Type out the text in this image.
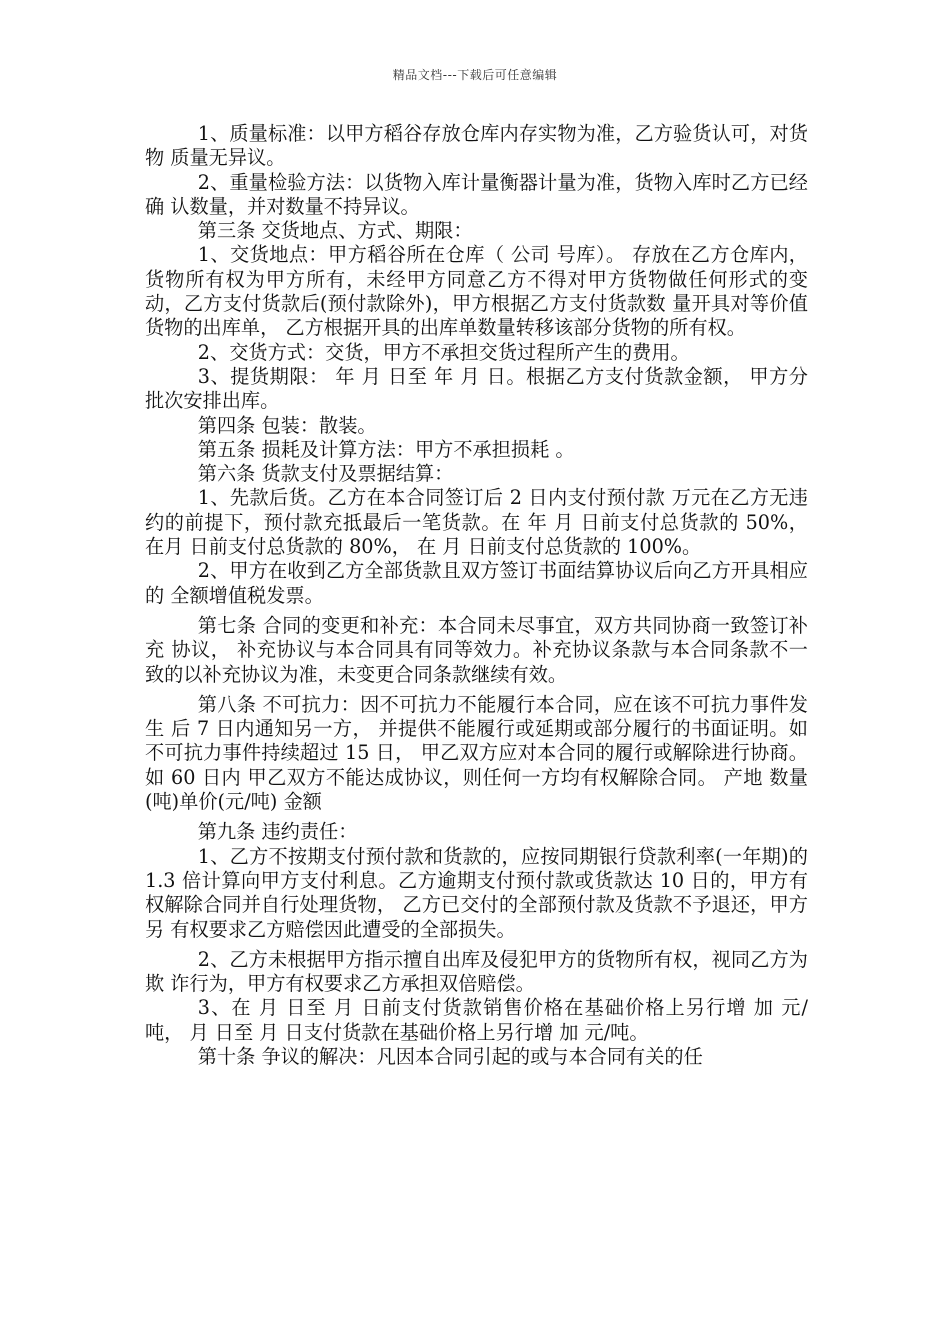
精品文档---下载后可任意编辑

1、质量标准：以甲方稻谷存放仓库内存实物为准，乙方验货认可，对货物 质量无异议。

2、重量检验方法：以货物入库计量衡器计量为准，货物入库时乙方已经确 认数量，并对数量不持异议。

第三条 交货地点、方式、期限：

1、交货地点：甲方稻谷所在仓库（ 公司 号库）。 存放在乙方仓库内， 货物所有权为甲方所有，未经甲方同意乙方不得对甲方货物做任何形式的变动，乙方支付货款后(预付款除外)，甲方根据乙方支付货款数 量开具对等价值货物的出库单， 乙方根据开具的出库单数量转移该部分货物的所有权。

2、交货方式：交货，甲方不承担交货过程所产生的费用。

3、提货期限： 年 月 日至 年 月 日。根据乙方支付货款金额， 甲方分批次安排出库。

第四条 包装：散装。

第五条 损耗及计算方法：甲方不承担损耗 。

第六条 货款支付及票据结算：

1、先款后货。乙方在本合同签订后 2 日内支付预付款 万元在乙方无违 约的前提下，预付款充抵最后一笔货款。在 年 月 日前支付总货款的 50%， 在月 日前支付总货款的 80%， 在 月 日前支付总货款的 100%。

2、甲方在收到乙方全部货款且双方签订书面结算协议后向乙方开具相应的 全额增值税发票。

第七条 合同的变更和补充：本合同未尽事宜，双方共同协商一致签订补充 协议， 补充协议与本合同具有同等效力。补充协议条款与本合同条款不一致的以补充协议为准，未变更合同条款继续有效。

第八条 不可抗力：因不可抗力不能履行本合同，应在该不可抗力事件发生 后 7 日内通知另一方， 并提供不能履行或延期或部分履行的书面证明。如不可抗力事件持续超过 15 日， 甲乙双方应对本合同的履行或解除进行协商。如 60 日内 甲乙双方不能达成协议，则任何一方均有权解除合同。 产地 数量 (吨)单价(元/吨) 金额

第九条 违约责任：

1、乙方不按期支付预付款和货款的，应按同期银行贷款利率(一年期)的 1.3 倍计算向甲方支付利息。乙方逾期支付预付款或货款达 10 日的，甲方有权解除合同并自行处理货物， 乙方已交付的全部预付款及货款不予退还，甲方另 有权要求乙方赔偿因此遭受的全部损失。

2、乙方未根据甲方指示擅自出库及侵犯甲方的货物所有权，视同乙方为欺 诈行为，甲方有权要求乙方承担双倍赔偿。

3、在 月 日至 月 日前支付货款销售价格在基础价格上另行增 加 元/吨， 月 日至 月 日支付货款在基础价格上另行增 加 元/吨。

第十条 争议的解决：凡因本合同引起的或与本合同有关的任
